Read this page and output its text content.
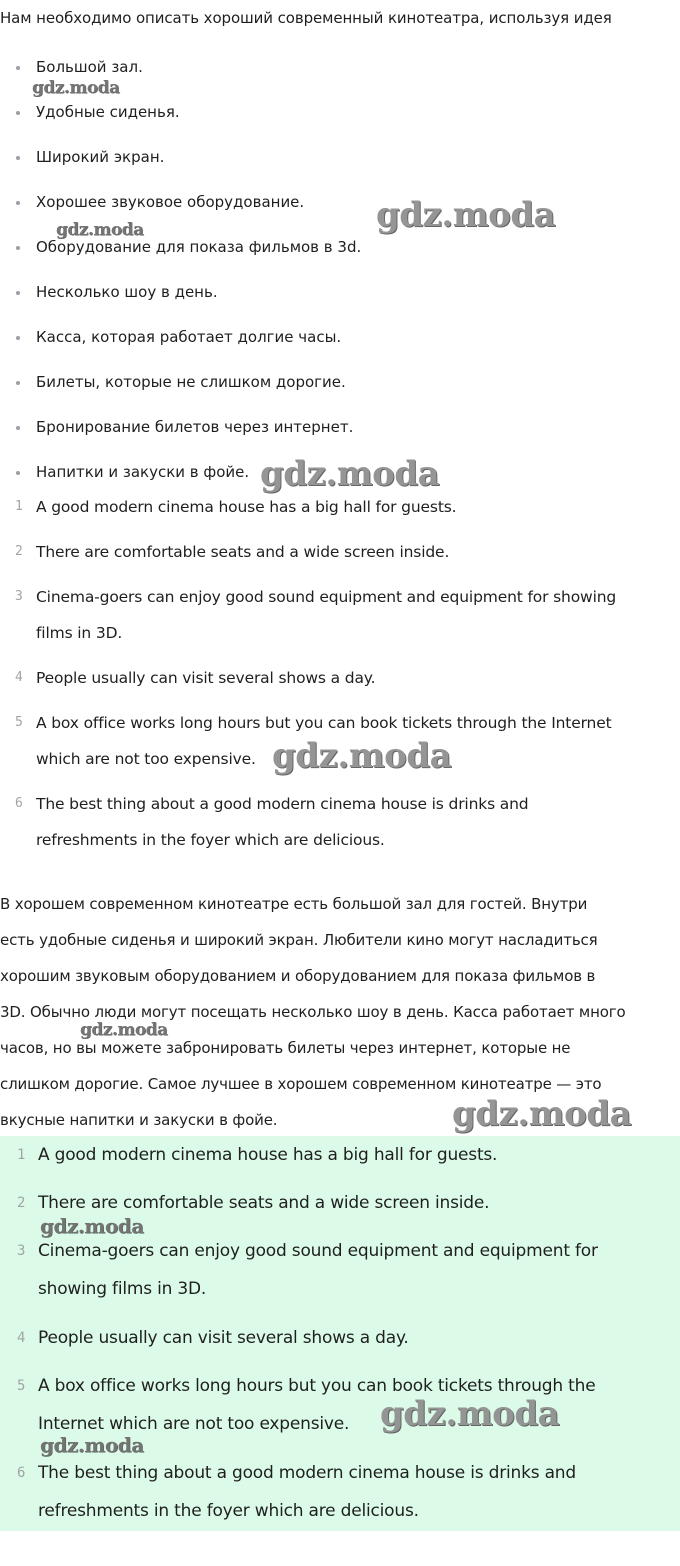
Нам необходимо описать хороший современный кинотеатра, используя идея
Большой зал.
Удобные сиденья.
Широкий экран.
Хорошее звуковое оборудование.
Оборудование для показа фильмов в 3d.
Несколько шоу в день.
Касса, которая работает долгие часы.
Билеты, которые не слишком дорогие.
Бронирование билетов через интернет.
Напитки и закуски в фойе.
1 A good modern cinema house has a big hall for guests.
2 There are comfortable seats and a wide screen inside.
3 Cinema-goers can enjoy good sound equipment and equipment for showing
films in 3D.
4 People usually can visit several shows a day.
5 A box office works long hours but you can book tickets through the Internet
which are not too expensive.
6 The best thing about a good modern cinema house is drinks and
refreshments in the foyer which are delicious.
В хорошем современном кинотеатре есть большой зал для гостей. Внутри
есть удобные сиденья и широкий экран. Любители кино могут насладиться
хорошим звуковым оборудованием и оборудованием для показа фильмов в
3D. Обычно люди могут посещать несколько шоу в день. Касса работает много
часов, но вы можете забронировать билеты через интернет, которые не
слишком дорогие. Самое лучшее в хорошем современном кинотеатре — это
вкусные напитки и закуски в фойе.
1 A good modern cinema house has a big hall for guests.
2 There are comfortable seats and a wide screen inside.
3 Cinema-goers can enjoy good sound equipment and equipment for
showing films in 3D.
4 People usually can visit several shows a day.
5 A box office works long hours but you can book tickets through the
Internet which are not too expensive.
6 The best thing about a good modern cinema house is drinks and
refreshments in the foyer which are delicious.
gdz.moda
gdz.moda
gdz.moda
gdz.moda
gdz.moda
gdz.moda
gdz.moda
gdz.moda
gdz.moda
gdz.moda
